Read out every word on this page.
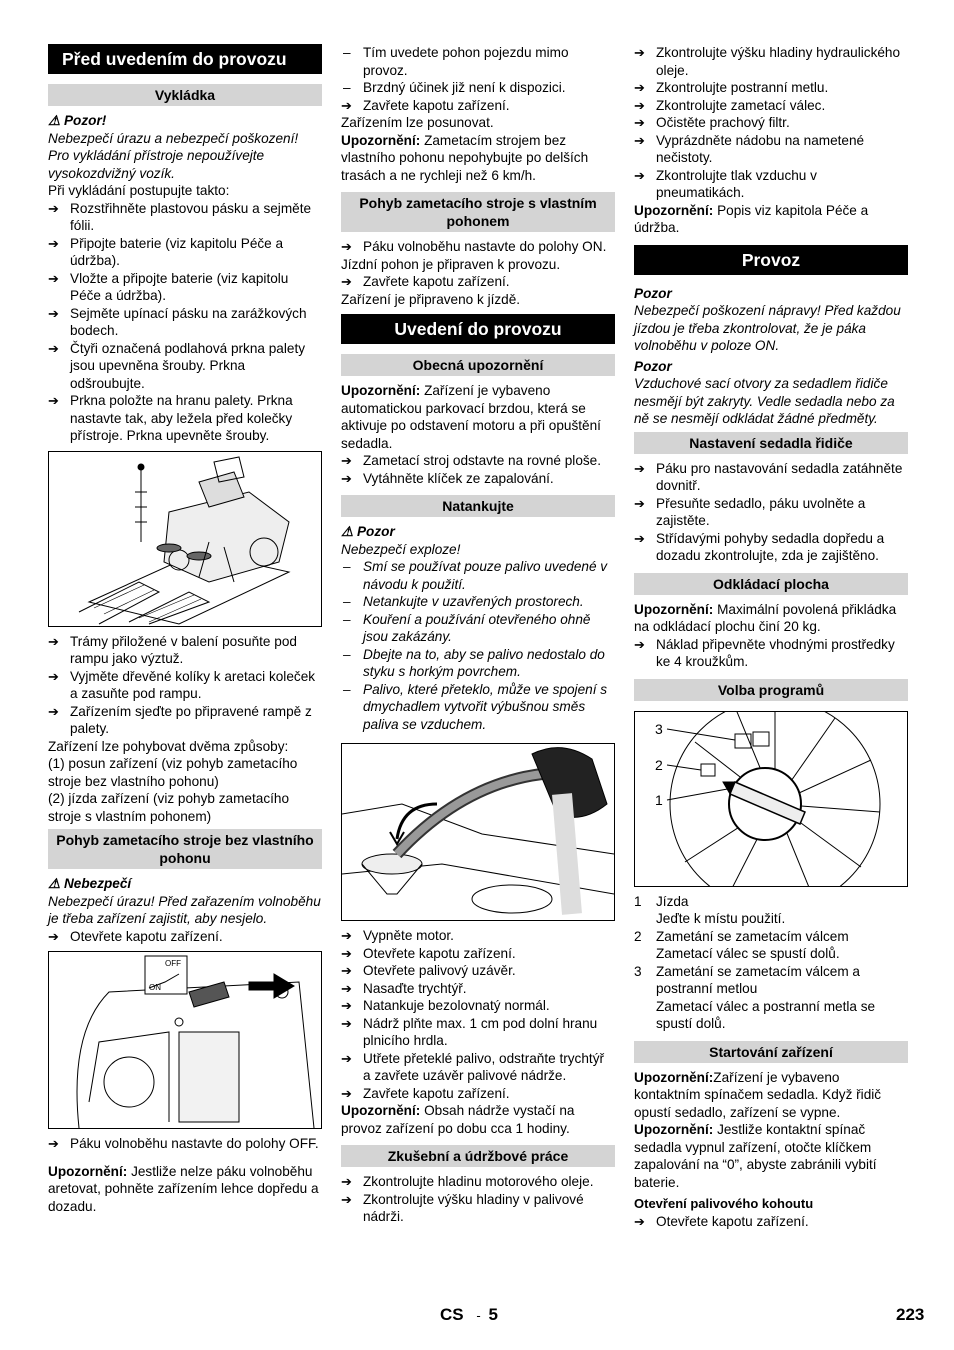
Před uvedením do provozu
Vykládka
⚠ Pozor!

Nebezpečí úrazu a nebezpečí poškození! Pro vykládání přístroje nepoužívejte vysokozdvižný vozík.

Při vykládání postupujte takto:

➔ Rozstřihněte plastovou pásku a sejměte fólii.
➔ Připojte baterie (viz kapitolu Péče a údržba).
➔ Vložte a připojte baterie (viz kapitolu Péče a údržba).
➔ Sejměte upínací pásku na zarážkových bodech.
➔ Čtyři označená podlahová prkna palety jsou upevněna šrouby. Prkna odšroubujte.
➔ Prkna položte na hranu palety. Prkna nastavte tak, aby ležela před kolečky přístroje. Prkna upevněte šrouby.
➔ Trámy přiložené v balení posuňte pod rampu jako výztuž.
➔ Vyjměte dřevěné kolíky k aretaci koleček a zasuňte pod rampu.
➔ Zařízením sjeďte po připravené rampě z palety.

Zařízení lze pohybovat dvěma způsoby:

(1) posun zařízení (viz pohyb zametacího stroje bez vlastního pohonu)

(2) jízda zařízení (viz pohyb zametacího stroje s vlastním pohonem)

Pohyb zametacího stroje bez vlastního pohonu
⚠ Nebezpečí

Nebezpečí úrazu! Před zařazením volnoběhu je třeba zařízení zajistit, aby nesjelo.

➔ Otevřete kapotu zařízení.
OFF
ON
➔ Páku volnoběhu nastavte do polohy OFF.

Upozornění: Jestliže nelze páku volnoběhu aretovat, pohněte zařízením lehce dopředu a dozadu.

– Tím uvedete pohon pojezdu mimo provoz.
– Brzdný účinek již není k dispozici.
➔ Zavřete kapotu zařízení.

Zařízením lze posunovat.

Upozornění: Zametacím strojem bez vlastního pohonu nepohybujte po delších trasách a ne rychleji než 6 km/h.

Pohyb zametacího stroje s vlastním pohonem
➔ Páku volnoběhu nastavte do polohy ON.

Jízdní pohon je připraven k provozu.

➔ Zavřete kapotu zařízení.

Zařízení je připraveno k jízdě.

Uvedení do provozu
Obecná upozornění

Upozornění: Zařízení je vybaveno automatickou parkovací brzdou, která se aktivuje po odstavení motoru a při opuštění sedadla.

➔ Zametací stroj odstavte na rovné ploše.
➔ Vytáhněte klíček ze zapalování.
Natankujte
⚠ Pozor

Nebezpečí exploze!

– Smí se používat pouze palivo uvedené v návodu k použití.
– Netankujte v uzavřených prostorech.
– Kouření a používání otevřeného ohně jsou zakázány.
– Dbejte na to, aby se palivo nedostalo do styku s horkým povrchem.
– Palivo, které přeteklo, může ve spojení s dmychadlem vytvořit výbušnou směs paliva se vzduchem.
➔ Vypněte motor.
➔ Otevřete kapotu zařízení.
➔ Otevřete palivový uzávěr.
➔ Nasaďte trychtýř.
➔ Natankuje bezolovnatý normál.
➔ Nádrž plňte max. 1 cm pod dolní hranu plnicího hrdla.
➔ Utřete přeteklé palivo, odstraňte trychtýř a zavřete uzávěr palivové nádrže.
➔ Zavřete kapotu zařízení.

Upozornění: Obsah nádrže vystačí na provoz zařízení po dobu cca 1 hodiny.

Zkušební a údržbové práce
➔ Zkontrolujte hladinu motorového oleje.
➔ Zkontrolujte výšku hladiny v palivové nádrži.
➔ Zkontrolujte výšku hladiny hydraulického oleje.
➔ Zkontrolujte postranní metlu.
➔ Zkontrolujte zametací válec.
➔ Očistěte prachový filtr.
➔ Vyprázdněte nádobu na nametené nečistoty.
➔ Zkontrolujte tlak vzduchu v pneumatikách.

Upozornění: Popis viz kapitola Péče a údržba.

Provoz
Pozor

Nebezpečí poškození nápravy! Před každou jízdou je třeba zkontrolovat, že je páka volnoběhu v poloze ON.

Pozor

Vzduchové sací otvory za sedadlem řidiče nesmějí být zakryty. Vedle sedadla nebo za ně se nesmějí odkládat žádné předměty.

Nastavení sedadla řidiče
➔ Páku pro nastavování sedadla zatáhněte dovnitř.
➔ Přesuňte sedadlo, páku uvolněte a zajistěte.
➔ Střídavými pohyby sedadla dopředu a dozadu zkontrolujte, zda je zajištěno.
Odkládací plocha

Upozornění: Maximální povolená přikládka na odkládací plochu činí 20 kg.

➔ Náklad připevněte vhodnými prostředky ke 4 kroužkům.
Volba programů
3
2
1
1	Jízda
Jeďte k místu použití.
2	Zametání se zametacím válcem
Zametací válec se spustí dolů.
3	Zametání se zametacím válcem a postranní metlou
Zametací válec a postranní metla se spustí dolů.
Startování zařízení

Upozornění:Zařízení je vybaveno kontaktním spínačem sedadla. Když řidič opustí sedadlo, zařízení se vypne.

Upozornění: Jestliže kontaktní spínač sedadla vypnul zařízení, otočte klíčkem zapalování na “0”, abyste zabránili vybití baterie.

Otevření palivového kohoutu
➔ Otevřete kapotu zařízení.
CS - 5	223
